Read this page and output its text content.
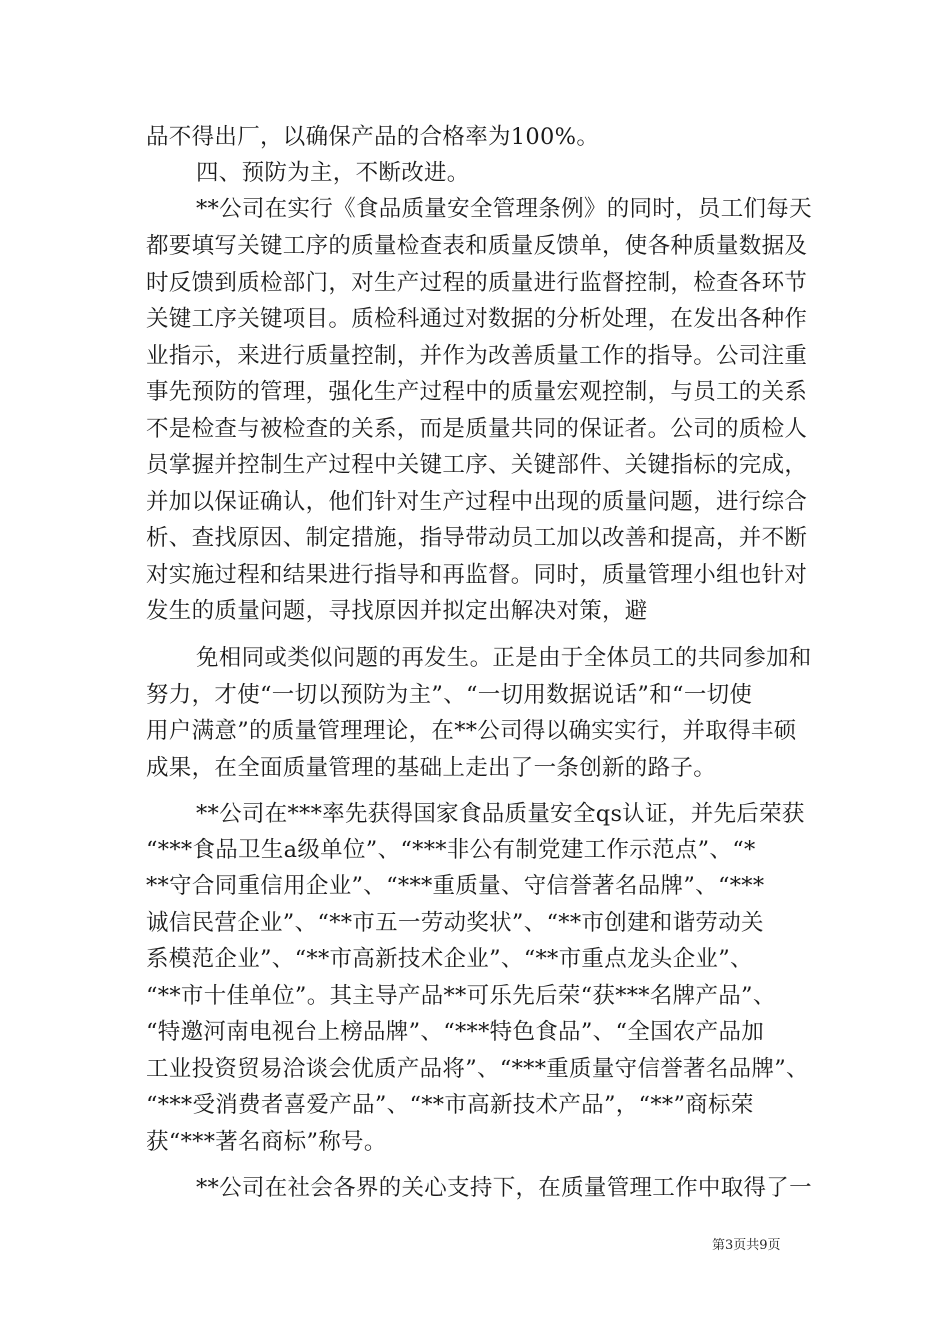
品不得出厂，以确保产品的合格率为100%。
四、预防为主，不断改进。
**公司在实行《食品质量安全管理条例》的同时，员工们每天
都要填写关键工序的质量检查表和质量反馈单，使各种质量数据及
时反馈到质检部门，对生产过程的质量进行监督控制，检查各环节
关键工序关键项目。质检科通过对数据的分析处理，在发出各种作
业指示，来进行质量控制，并作为改善质量工作的指导。公司注重
事先预防的管理，强化生产过程中的质量宏观控制，与员工的关系
不是检查与被检查的关系，而是质量共同的保证者。公司的质检人
员掌握并控制生产过程中关键工序、关键部件、关键指标的完成，
并加以保证确认，他们针对生产过程中出现的质量问题，进行综合
析、查找原因、制定措施，指导带动员工加以改善和提高，并不断
对实施过程和结果进行指导和再监督。同时，质量管理小组也针对
发生的质量问题，寻找原因并拟定出解决对策，避
免相同或类似问题的再发生。正是由于全体员工的共同参加和
努力，才使“一切以预防为主”、“一切用数据说话”和“一切使
用户满意”的质量管理理论，在**公司得以确实实行，并取得丰硕
成果，在全面质量管理的基础上走出了一条创新的路子。
**公司在***率先获得国家食品质量安全qs认证，并先后荣获
“***食品卫生a级单位”、“***非公有制党建工作示范点”、“*
**守合同重信用企业”、“***重质量、守信誉著名品牌”、“***
诚信民营企业”、“**市五一劳动奖状”、“**市创建和谐劳动关
系模范企业”、“**市高新技术企业”、“**市重点龙头企业”、
“**市十佳单位”。其主导产品**可乐先后荣“获***名牌产品”、
“特邀河南电视台上榜品牌”、“***特色食品”、“全国农产品加
工业投资贸易洽谈会优质产品将”、“***重质量守信誉著名品牌”、
“***受消费者喜爱产品”、“**市高新技术产品”，“**”商标荣
获“***著名商标”称号。
**公司在社会各界的关心支持下，在质量管理工作中取得了一
第3页共9页
